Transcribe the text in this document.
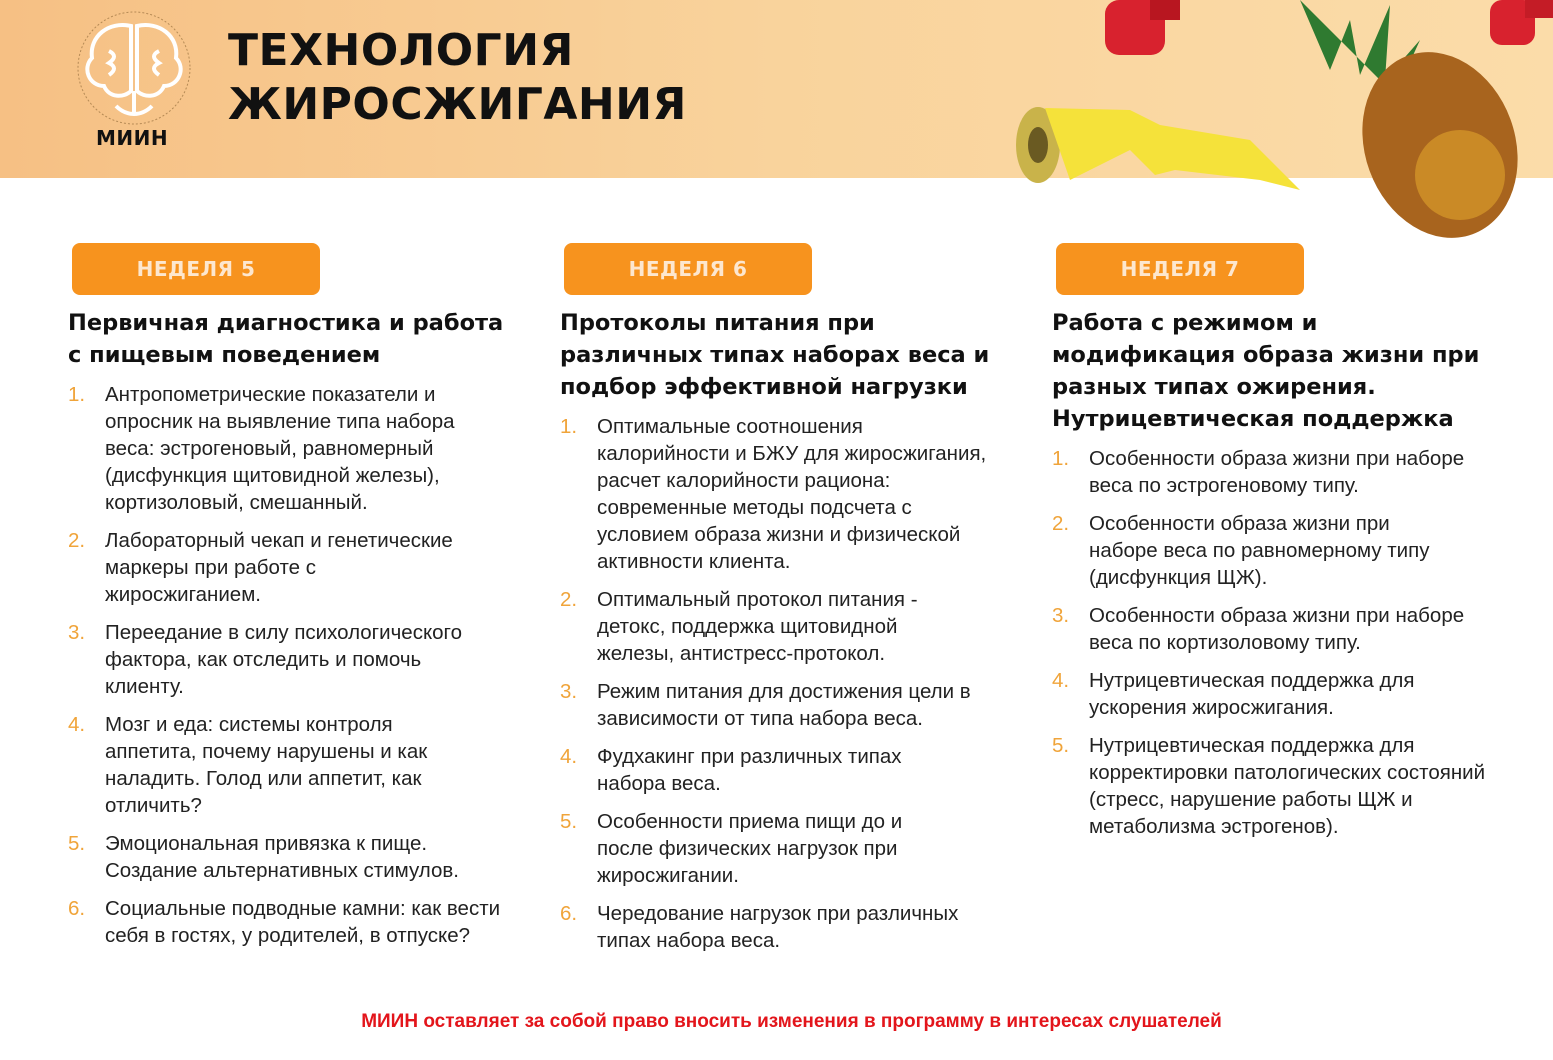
МИИН
ТЕХНОЛОГИЯ
ЖИРОСЖИГАНИЯ
НЕДЕЛЯ 5
Первичная диагностика и работа с пищевым поведением
1. Антропометрические показатели и опросник на выявление типа набора веса: эстрогеновый, равномерный (дисфункция щитовидной железы), кортизоловый, смешанный.
2. Лабораторный чекап и генетические маркеры при работе с жиросжиганием.
3. Переедание в силу психологического фактора, как отследить и помочь клиенту.
4. Мозг и еда: системы контроля аппетита, почему нарушены и как наладить. Голод или аппетит, как отличить?
5. Эмоциональная привязка к пище. Создание альтернативных стимулов.
6. Социальные подводные камни: как вести себя в гостях, у родителей, в отпуске?
НЕДЕЛЯ 6
Протоколы питания при различных типах наборах веса и подбор эффективной нагрузки
1. Оптимальные соотношения калорийности и БЖУ для жиросжигания, расчет калорийности рациона: современные методы подсчета с условием образа жизни и физической активности клиента.
2. Оптимальный протокол питания - детокс, поддержка щитовидной железы, антистресс-протокол.
3. Режим питания для достижения цели в зависимости от типа набора веса.
4. Фудхакинг при различных типах набора веса.
5. Особенности приема пищи до и после физических нагрузок при жиросжигании.
6. Чередование нагрузок при различных типах набора веса.
НЕДЕЛЯ 7
Работа с режимом и модификация образа жизни при разных типах ожирения. Нутрицевтическая поддержка
1. Особенности образа жизни при наборе веса по эстрогеновому типу.
2. Особенности образа жизни при наборе веса по равномерному типу (дисфункция ЩЖ).
3. Особенности образа жизни при наборе веса по кортизоловому типу.
4. Нутрицевтическая поддержка для ускорения жиросжигания.
5. Нутрицевтическая поддержка для корректировки патологических состояний (стресс, нарушение работы ЩЖ и метаболизма эстрогенов).
МИИН оставляет за собой право вносить изменения в программу в интересах слушателей
